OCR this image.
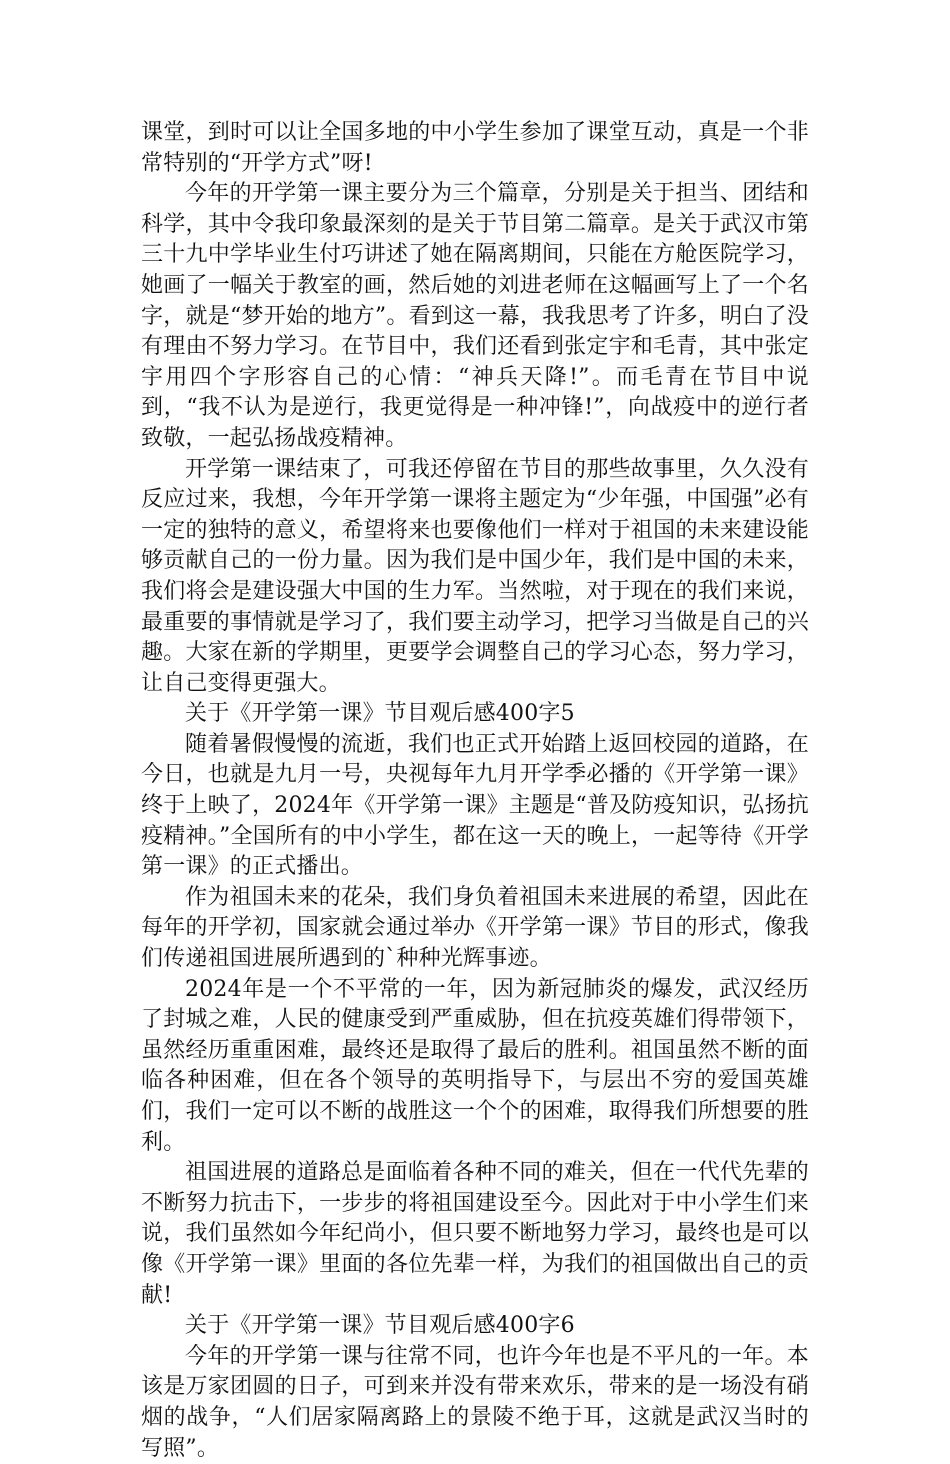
课堂，到时可以让全国多地的中小学生参加了课堂互动，真是一个非常特别的“开学方式”呀!

今年的开学第一课主要分为三个篇章，分别是关于担当、团结和科学，其中令我印象最深刻的是关于节目第二篇章。是关于武汉市第三十九中学毕业生付巧讲述了她在隔离期间，只能在方舱医院学习，她画了一幅关于教室的画，然后她的刘进老师在这幅画写上了一个名字，就是“梦开始的地方”。看到这一幕，我我思考了许多，明白了没有理由不努力学习。在节目中，我们还看到张定宇和毛青，其中张定宇用四个字形容自己的心情：“神兵天降!”。而毛青在节目中说到，“我不认为是逆行，我更觉得是一种冲锋!”，向战疫中的逆行者致敬，一起弘扬战疫精神。

开学第一课结束了，可我还停留在节目的那些故事里，久久没有反应过来，我想，今年开学第一课将主题定为“少年强，中国强”必有一定的独特的意义，希望将来也要像他们一样对于祖国的未来建设能够贡献自己的一份力量。因为我们是中国少年，我们是中国的未来，我们将会是建设强大中国的生力军。当然啦，对于现在的我们来说，最重要的事情就是学习了，我们要主动学习，把学习当做是自己的兴趣。大家在新的学期里，更要学会调整自己的学习心态，努力学习，让自己变得更强大。

关于《开学第一课》节目观后感400字5

随着暑假慢慢的流逝，我们也正式开始踏上返回校园的道路，在今日，也就是九月一号，央视每年九月开学季必播的《开学第一课》终于上映了，2024年《开学第一课》主题是“普及防疫知识，弘扬抗疫精神。”全国所有的中小学生，都在这一天的晚上，一起等待《开学第一课》的正式播出。

作为祖国未来的花朵，我们身负着祖国未来进展的希望，因此在每年的开学初，国家就会通过举办《开学第一课》节目的形式，像我们传递祖国进展所遇到的`种种光辉事迹。

2024年是一个不平常的一年，因为新冠肺炎的爆发，武汉经历了封城之难，人民的健康受到严重威胁，但在抗疫英雄们得带领下，虽然经历重重困难，最终还是取得了最后的胜利。祖国虽然不断的面临各种困难，但在各个领导的英明指导下，与层出不穷的爱国英雄们，我们一定可以不断的战胜这一个个的困难，取得我们所想要的胜利。

祖国进展的道路总是面临着各种不同的难关，但在一代代先辈的不断努力抗击下，一步步的将祖国建设至今。因此对于中小学生们来说，我们虽然如今年纪尚小，但只要不断地努力学习，最终也是可以像《开学第一课》里面的各位先辈一样，为我们的祖国做出自己的贡献!

关于《开学第一课》节目观后感400字6

今年的开学第一课与往常不同，也许今年也是不平凡的一年。本该是万家团圆的日子，可到来并没有带来欢乐，带来的是一场没有硝烟的战争，“人们居家隔离路上的景陵不绝于耳，这就是武汉当时的写照”。
